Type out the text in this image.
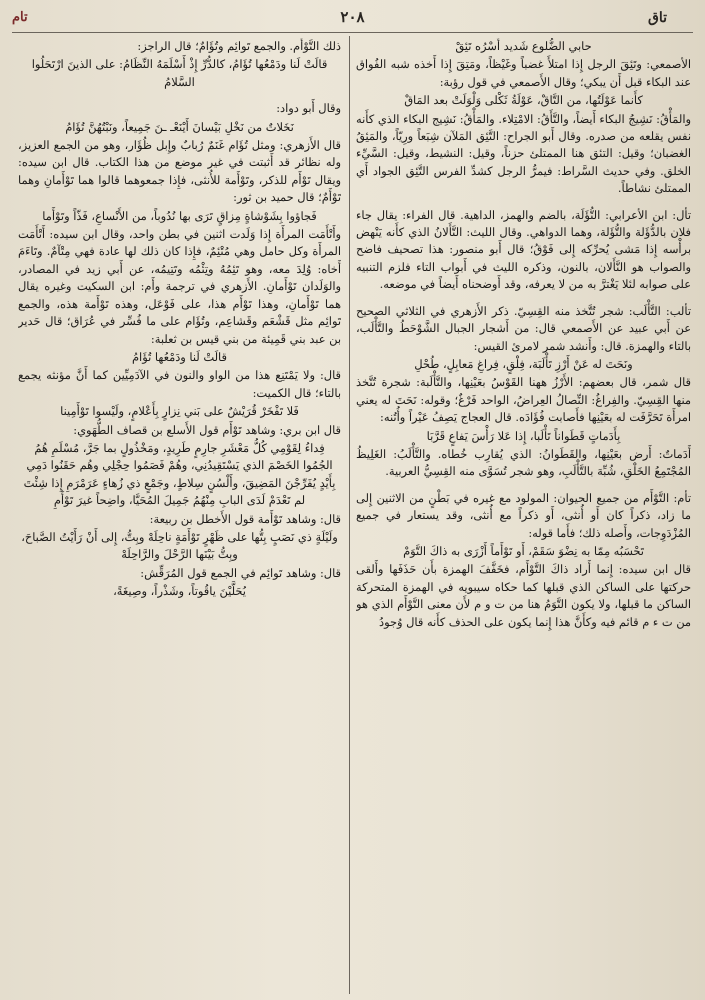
تاق
٢٠٨
تام

حابي الضُّلوع شَديد أَسْرُه تَئِقْ

الأصمعي: وتَئِقَ الرجل إِذا امتلأَ غضباً وغَيْظاً، ومَتِقَ إِذا أَخذه شبه الفُواق عند البكاء قبل أَن يبكي؛ وقال الأَصمعي في قول رؤبة:

كأَنما عَوْلَتُها، من التَّاقْ، عَوْلَةُ ثَكْلى وَلْوَلَتْ بعد المَاقْ

والمَأْقُ: نَشِيجُ البكاء أَيضاً، والتَّأَقُ: الامْتِلاء. والمَأْقُ: نَشِيج البكاء الذي كأَنه نفس يقلعه من صدره. وقال أَبو الجراح: التَّئِق المَلآن شِبَعاً ورِيّاً، والمَئِقُ الغضبان؛ وقيل: التئق هنا الممتلئ حزناً، وقيل: النشيط، وقيل: السَّيِّء الخلق. وفي حديث السَّراط: فيمرُّ الرجل كشدِّ الفرس التَّئِق الجواد أَي الممتلئ نشاطاً.

تأل: ابن الأعرابي: التُّؤَلَة، بالضم والهمز، الداهية. قال الفراء: يقال جاء فلان بالدُّؤَلة والتُّؤَلة، وهما الدواهي. وقال الليث: التَّأَلانُ الذي كأَنه يَنْهض برأْسه إِذا مَشى يُحرِّكه إِلى فَوْقُ؛ قال أَبو منصور: هذا تصحيف فاضح والصواب هو النَّأَلان، بالنون، وذكره الليث في أَبواب التاء فلزم التنبيه على صوابه لئلا يَغْترَّ به من لا يعرفه، وقد أَوضحناه أَيضاً في موضعه.

تألب: التَّأْلَب: شجر تُتَّخذ منه القِسِيّ. ذكر الأَزهري في الثلاثي الصحيح عن أَبي عبيد عن الأَصمعي قال: من أَشجار الجبال الشَّوْحَطُ والتَّأْلَب، بالتاء والهمزة. قال: وأَنشد شمر لامرئ القيس:

ونَحَتَ له عَنْ أَرْزِ تَأْلَبَة، فِلْقٍ، فِراغِ مَعابِلٍ، طُحْلِ

قال شمر، قال بعضهم: الأَرْزُ ههنا القَوْسُ بعَيْنِها، والتَّأْلَبة: شجرة تُتَّخذ منها القِسِيّ. والفِراغُ: النِّصالُ العِراضُ، الواحد فَرْغٌ؛ وقوله: نَحَتَ له يعني امرأَة تَحَرَّفَت له بعَيْنِها فأَصابت فُؤَادَه. قال العجاج يَصِفُ عَيْراً وأُتُنه:

بِأَدَماتٍ قَطَواناً تَأْلَبا، إِذا عَلا رَأْسَ يَفاعٍ قَرَّبَا

أَدَماتٌ: أَرض بعَيْنِها، والقَطَوانُ: الذي يُقارِب خُطاه. والتَّأْلَبُ: الغَلِيظُ المُجْتَمِعُ الخَلْقِ، شُبِّهَ بالتَّأْلَبِ، وهو شجر تُسَوَّى منه القِسِيُّ العربية.

تأم: التَّوْأَم من جميع الحيوان: المولود مع غيره في بَطْنٍ من الاثنين إِلى ما زاد، ذكراً كان أَو أُنثى، أَو ذكراً مع أُنثى، وقد يستعار في جميع المُزْدَوِجات، وأَصله ذلك؛ فأَما قوله:

تَحْسَبُه مِمّا به نِضْوَ سَقَمْ، أَو تَوْأَماً أَزْرَى به ذاكَ التَّوَمْ

قال ابن سيده: إِنما أَراد ذاكَ التَّوْأَم، فخَفَّفَ الهمزة بأَن حَذَفَها وأَلقى حركتها على الساكن الذي قبلها كما حكاه سيبويه في الهمزة المتحركة الساكن ما قبلها، ولا يكون التَّوَمُ هنا من ت و م لأَن معنى التَّوْأَم الذي هو من ت ء م قائم فيه وكأَنَّ هذا إِنما يكون على الحذف كأَنه قال وُجودُ

ذلك التَّوْأَم. والجمع تَوائِم وتُؤَامٌ؛ قال الراجز:

قالَتْ لَنا ودَمْعُها تُؤَامُ، كالدُّرِّ إِذْ أَسْلَمَهُ النِّظَامُ: على الذينَ ارْتَحَلُوا السَّلامُ

وقال أَبو دواد:

نَخَلاتٌ من نَخْلِ بَيْسانَ أَيْنَعْـ ـنَ جَمِيعاً، ونَبْتُهُنَّ تُؤَامُ

قال الأَزهري: ومثل تُؤَام غَنَمٌ رُبابٌ وإِبل ظُؤَار، وهو من الجمع العزيز، وله نظائر قد أَثبتت في غير موضع من هذا الكتاب. قال ابن سيده: ويقال تَوْأَم للذكر، وتَوْأَمة للأُنثى، فإِذا جمعوهما قالوا هما تَوْأَمانِ وهما تَوْأَمٌ؛ قال حميد بن ثور:

فَجاؤوا بِشَوْشاةٍ مِزاقٍ تَرَى بها نُدُوباً، من الأَنْساعِ، فَذّاً وتَوْأَما

وأَتْأَمَت المرأَة إِذا وَلَدت اثنين في بطن واحد، وقال ابن سيده: أَتْأَمَت المرأَة وكل حامل وهي مُتْئِمٌ، فإِذا كان ذلك لها عادة فهي مِتْآمٌ. وتَاءَمَ أَخاه: وُلِدَ معه، وهو تَئِمُهُ وتِئْمُه وتَتِيمُه، عن أَبي زيد في المصادر، والوَلَدان تَوْأَمانِ. الأَزهري في ترجمة وأَم: ابن السكيت وغيره يقال هما تَوْأَمانِ، وهذا تَوْأَم هذا، على فَوْعَل، وهذه تَوْأَمة هذه، والجمع تَوائِم مثل قَشْعَم وقَشاعِم، وتُؤَام على ما فُسِّر في عُرَاق؛ قال حَدير بن عبد بني قَمِيئة من بني قيس بن ثعلبة:

قالَتْ لَنا ودَمْعُها تُؤَامُ

قال: ولا يَمْتَنِع هذا من الواو والنون في الآدَمِيِّين كما أَنَّ مؤنثه يجمع بالتاء؛ قال الكميت:

فَلا تَفْخَرْ قُرَيْشٌ على بَني نِزارٍ بِأَعْلامٍ، ولَيْسوا تَوْأَمِينا

قال ابن بري: وشاهد تَوْأَم قول الأَسلع بن قصاف الطُّهَوي:

فِداءُ لِقَوْمِي كُلُّ مَعْشَرِ جارِمٍ طَرِيدٍ، ومَخْذُولٍ بما جَرَّ، مُسْلَمِ هُمُ الجُمُوا الخَصْمَ الذي يَسْتَقِيدُنِي، وهُمْ فَصَمُوا حِجْلِي وهُم حَقَنُوا دَمِي بِأَيْدٍ يُفَرِّجْنَ المَضِيقَ، وأَلْسُنٍ سِلاطٍ، وجَمْعٍ ذي زُهاءٍ عَرَمْرَمِ إِذا شِئْتَ لم تَعْدَمْ لَدَى البابِ مِنْهُمُ جَمِيلَ المُحَيَّا، واضِحاً غيرَ تَوْأَمِ

قال: وشاهد تَوْأَمة قول الأَخطل بن ربيعة:

ولَيْلَةٍ ذي نَصَبٍ بِتُّها على ظَهْرٍ تَوْأَمَةٍ ناحِلَهْ وبِتُّ، إِلى أَنْ رَأَيْتُ الصَّباحَ، وبِتُّ بَيْنَها الرَّحْلَ والرَّاحِلَهْ

قال: وشاهد تَوائِم في الجمع قول المُرَقِّش:

يُحَلَّيْنَ ياقُوتاً، وشَذْراً، وصِيغَةً،
